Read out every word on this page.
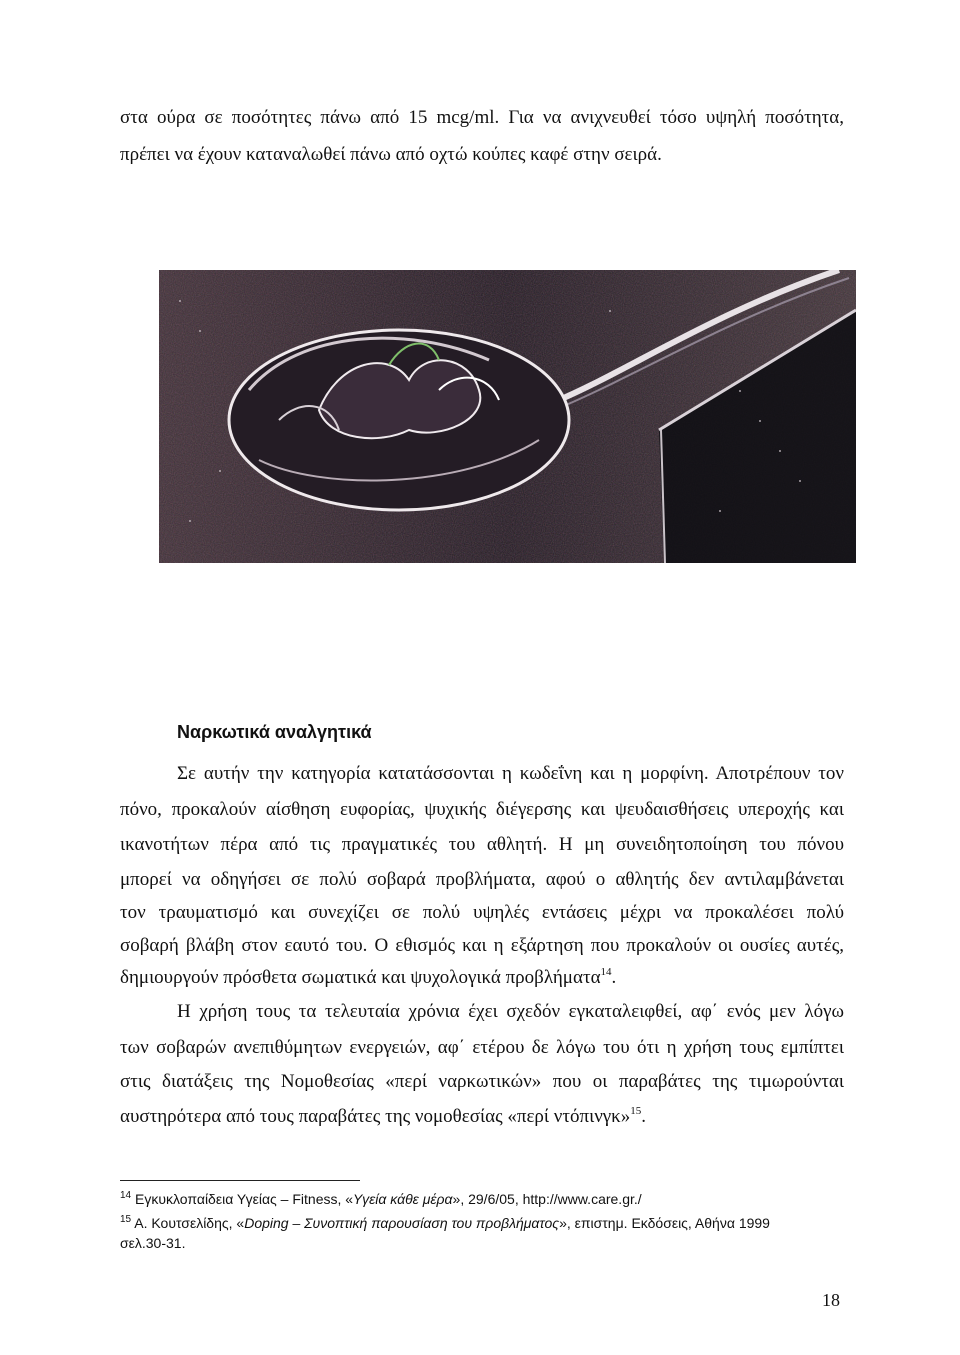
στα ούρα σε ποσότητες πάνω από 15 mcg/ml. Για να ανιχνευθεί τόσο υψηλή ποσότητα,
πρέπει να έχουν καταναλωθεί πάνω από οχτώ κούπες καφέ στην σειρά.
Ναρκωτικά αναλγητικά
Σε αυτήν την κατηγορία κατατάσσονται η κωδεΐνη και η μορφίνη. Αποτρέπουν τον
πόνο, προκαλούν αίσθηση ευφορίας, ψυχικής διέγερσης και ψευδαισθήσεις υπεροχής και
ικανοτήτων πέρα από τις πραγματικές του αθλητή. Η μη συνειδητοποίηση του πόνου
μπορεί να οδηγήσει σε πολύ σοβαρά προβλήματα, αφού ο αθλητής δεν αντιλαμβάνεται
τον τραυματισμό και συνεχίζει σε πολύ υψηλές εντάσεις μέχρι να προκαλέσει πολύ
σοβαρή βλάβη στον εαυτό του. Ο εθισμός και η εξάρτηση που προκαλούν οι ουσίες αυτές,
δημιουργούν πρόσθετα σωματικά και ψυχολογικά προβλήματα$^{14}$.
Η χρήση τους τα τελευταία χρόνια έχει σχεδόν εγκαταλειφθεί, αφ΄ ενός μεν λόγω
των σοβαρών ανεπιθύμητων ενεργειών, αφ΄ ετέρου δε λόγω του ότι η χρήση τους εμπίπτει
στις διατάξεις της Νομοθεσίας «περί ναρκωτικών» που οι παραβάτες της τιμωρούνται
αυστηρότερα από τους παραβάτες της νομοθεσίας «περί ντόπινγκ»$^{15}$.
$^{14}$ Εγκυκλοπαίδεια Υγείας – Fitness, «Υγεία κάθε μέρα», 29/6/05, http://www.care.gr./
$^{15}$ Α. Κουτσελίδης, «Doping – Συνοπτική παρουσίαση του προβλήματος», επιστημ. Εκδόσεις, Αθήνα 1999
σελ.30-31.
18
